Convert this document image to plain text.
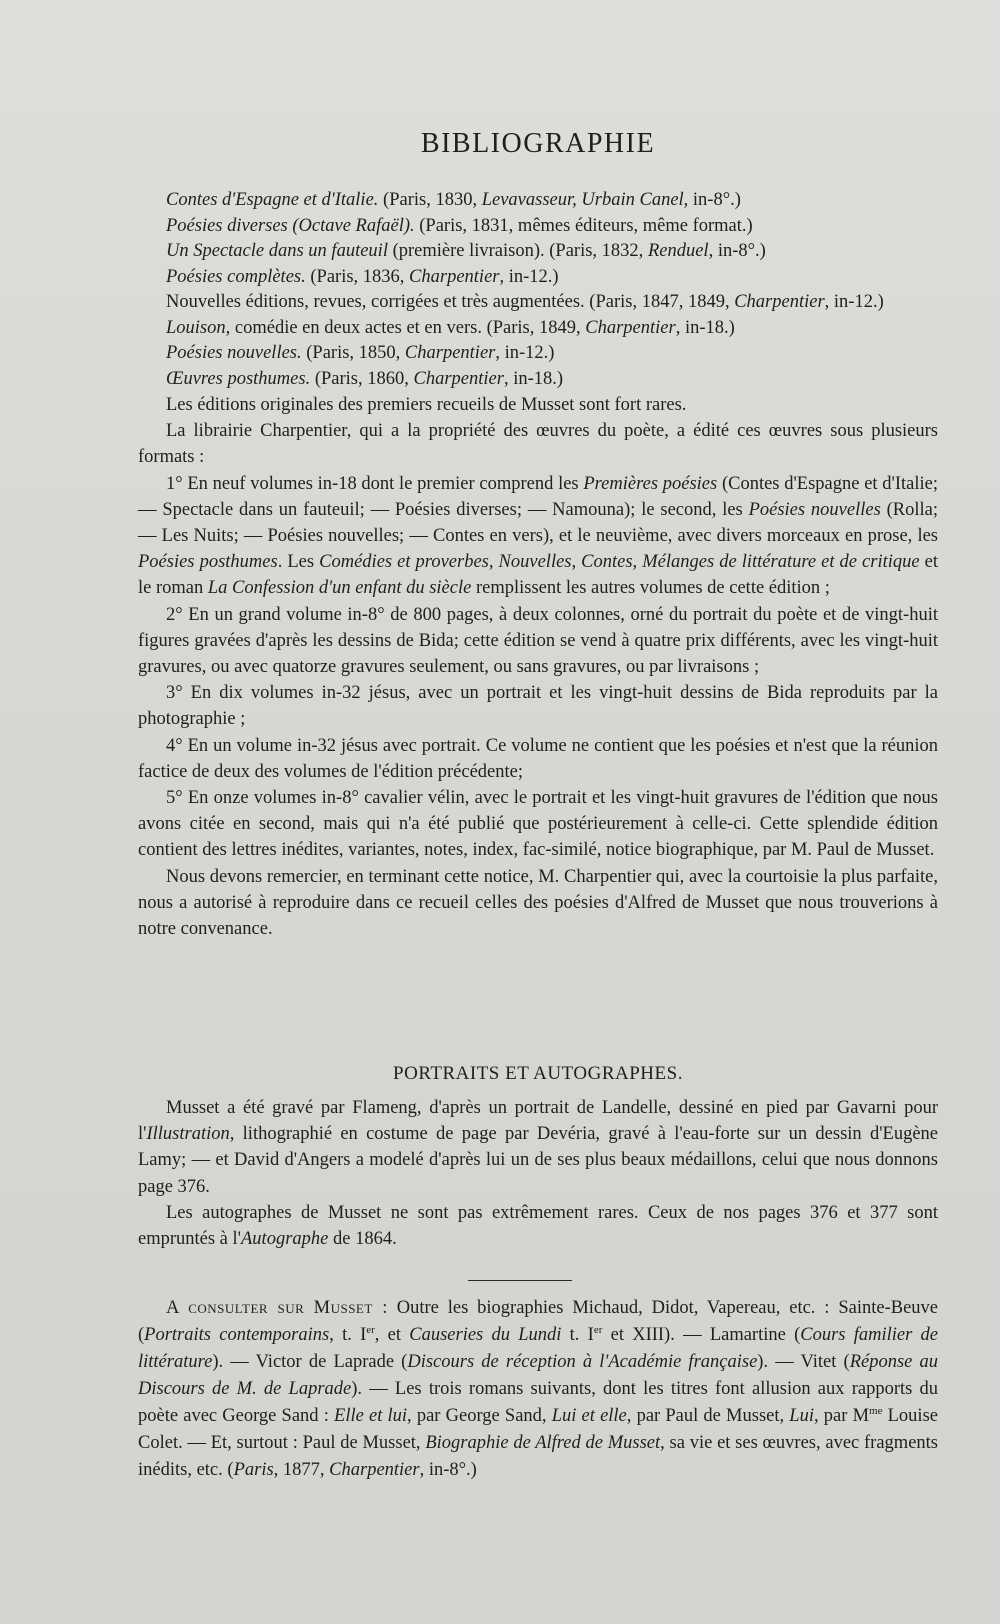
BIBLIOGRAPHIE

Contes d'Espagne et d'Italie. (Paris, 1830, Levavasseur, Urbain Canel, in-8°.)

Poésies diverses (Octave Rafaël). (Paris, 1831, mêmes éditeurs, même format.)

Un Spectacle dans un fauteuil (première livraison). (Paris, 1832, Renduel, in-8°.)

Poésies complètes. (Paris, 1836, Charpentier, in-12.)

Nouvelles éditions, revues, corrigées et très augmentées. (Paris, 1847, 1849, Charpentier, in-12.)

Louison, comédie en deux actes et en vers. (Paris, 1849, Charpentier, in-18.)

Poésies nouvelles. (Paris, 1850, Charpentier, in-12.)

Œuvres posthumes. (Paris, 1860, Charpentier, in-18.)

Les éditions originales des premiers recueils de Musset sont fort rares.

La librairie Charpentier, qui a la propriété des œuvres du poète, a édité ces œuvres sous plusieurs formats :

1° En neuf volumes in-18 dont le premier comprend les Premières poésies (Contes d'Espagne et d'Italie; — Spectacle dans un fauteuil; — Poésies diverses; — Namouna); le second, les Poésies nouvelles (Rolla; — Les Nuits; — Poésies nouvelles; — Contes en vers), et le neuvième, avec divers morceaux en prose, les Poésies posthumes. Les Comédies et proverbes, Nouvelles, Contes, Mélanges de littérature et de critique et le roman La Confession d'un enfant du siècle remplissent les autres volumes de cette édition ;

2° En un grand volume in-8° de 800 pages, à deux colonnes, orné du portrait du poète et de vingt-huit figures gravées d'après les dessins de Bida; cette édition se vend à quatre prix différents, avec les vingt-huit gravures, ou avec quatorze gravures seulement, ou sans gravures, ou par livraisons ;

3° En dix volumes in-32 jésus, avec un portrait et les vingt-huit dessins de Bida reproduits par la photographie ;

4° En un volume in-32 jésus avec portrait. Ce volume ne contient que les poésies et n'est que la réunion factice de deux des volumes de l'édition précédente;

5° En onze volumes in-8° cavalier vélin, avec le portrait et les vingt-huit gravures de l'édition que nous avons citée en second, mais qui n'a été publié que postérieurement à celle-ci. Cette splendide édition contient des lettres inédites, variantes, notes, index, fac-similé, notice biographique, par M. Paul de Musset.

Nous devons remercier, en terminant cette notice, M. Charpentier qui, avec la courtoisie la plus parfaite, nous a autorisé à reproduire dans ce recueil celles des poésies d'Alfred de Musset que nous trouverions à notre convenance.

PORTRAITS ET AUTOGRAPHES.

Musset a été gravé par Flameng, d'après un portrait de Landelle, dessiné en pied par Gavarni pour l'Illustration, lithographié en costume de page par Devéria, gravé à l'eau-forte sur un dessin d'Eugène Lamy; — et David d'Angers a modelé d'après lui un de ses plus beaux médaillons, celui que nous donnons page 376.

Les autographes de Musset ne sont pas extrêmement rares. Ceux de nos pages 376 et 377 sont empruntés à l'Autographe de 1864.

A consulter sur Musset : Outre les biographies Michaud, Didot, Vapereau, etc. : Sainte-Beuve (Portraits contemporains, t. Ier, et Causeries du Lundi t. Ier et XIII). — Lamartine (Cours familier de littérature). — Victor de Laprade (Discours de réception à l'Académie française). — Vitet (Réponse au Discours de M. de Laprade). — Les trois romans suivants, dont les titres font allusion aux rapports du poète avec George Sand : Elle et lui, par George Sand, Lui et elle, par Paul de Musset, Lui, par $M^{me}$ Louise Colet. — Et, surtout : Paul de Musset, Biographie de Alfred de Musset, sa vie et ses œuvres, avec fragments inédits, etc. (Paris, 1877, Charpentier, in-8°.)
